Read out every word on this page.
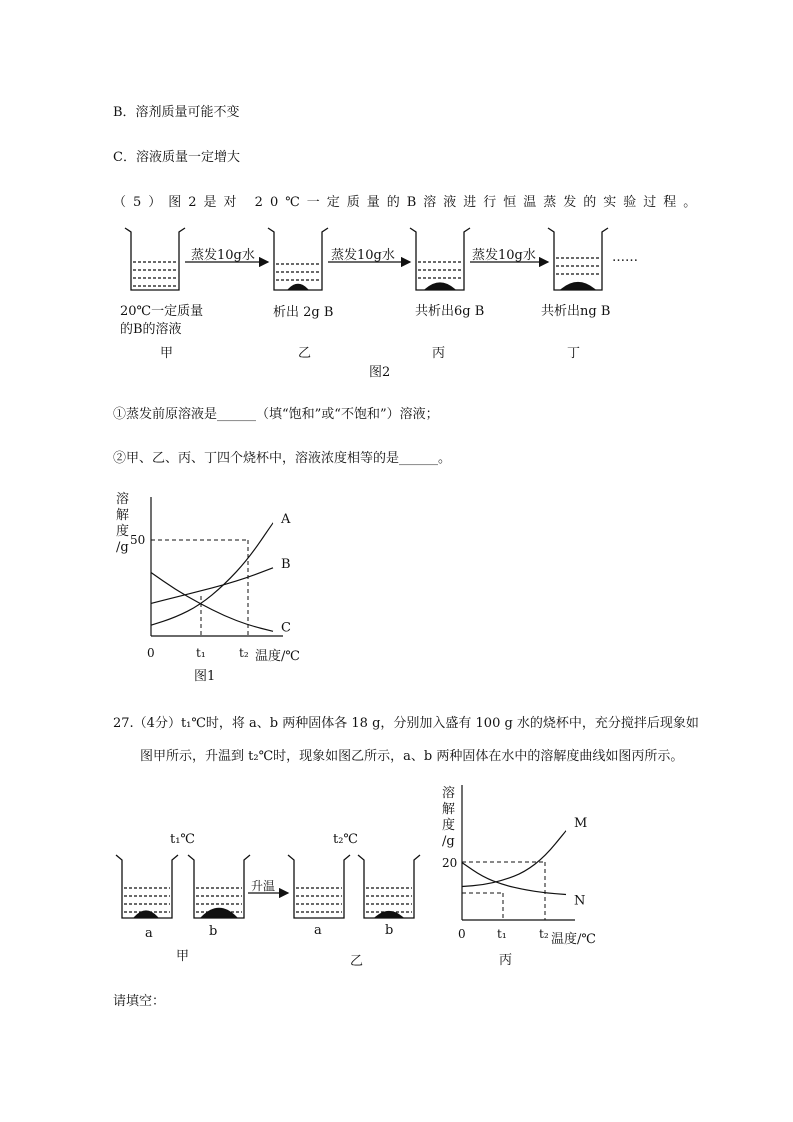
B．溶剂质量可能不变
C．溶液质量一定增大
（5）图2是对 20℃一定质量的B溶液进行恒温蒸发的实验过程。
蒸发10g水	蒸发10g水	蒸发10g水	……
20℃一定质量
的B的溶液
析出 2g B	共析出6g B	共析出ng B
甲	乙	丙	丁
图2
①蒸发前原溶液是______（填“饱和”或“不饱和”）溶液；
②甲、乙、丙、丁四个烧杯中，溶液浓度相等的是______。
A
B
C
溶
解
度
/g
0	t₁	t₂ 温度/℃
50
图1
27.（4分）t₁℃时，将 a、b 两种固体各 18 g，分别加入盛有 100 g 水的烧杯中，充分搅拌后现象如
图甲所示，升温到 t₂℃时，现象如图乙所示，a、b 两种固体在水中的溶解度曲线如图丙所示。
t₁℃	t₂℃
升温
a	b	a	b
甲	乙
M
N
溶
解
度
/g
0	t₁	t₂ 温度/℃
20
丙
请填空：
